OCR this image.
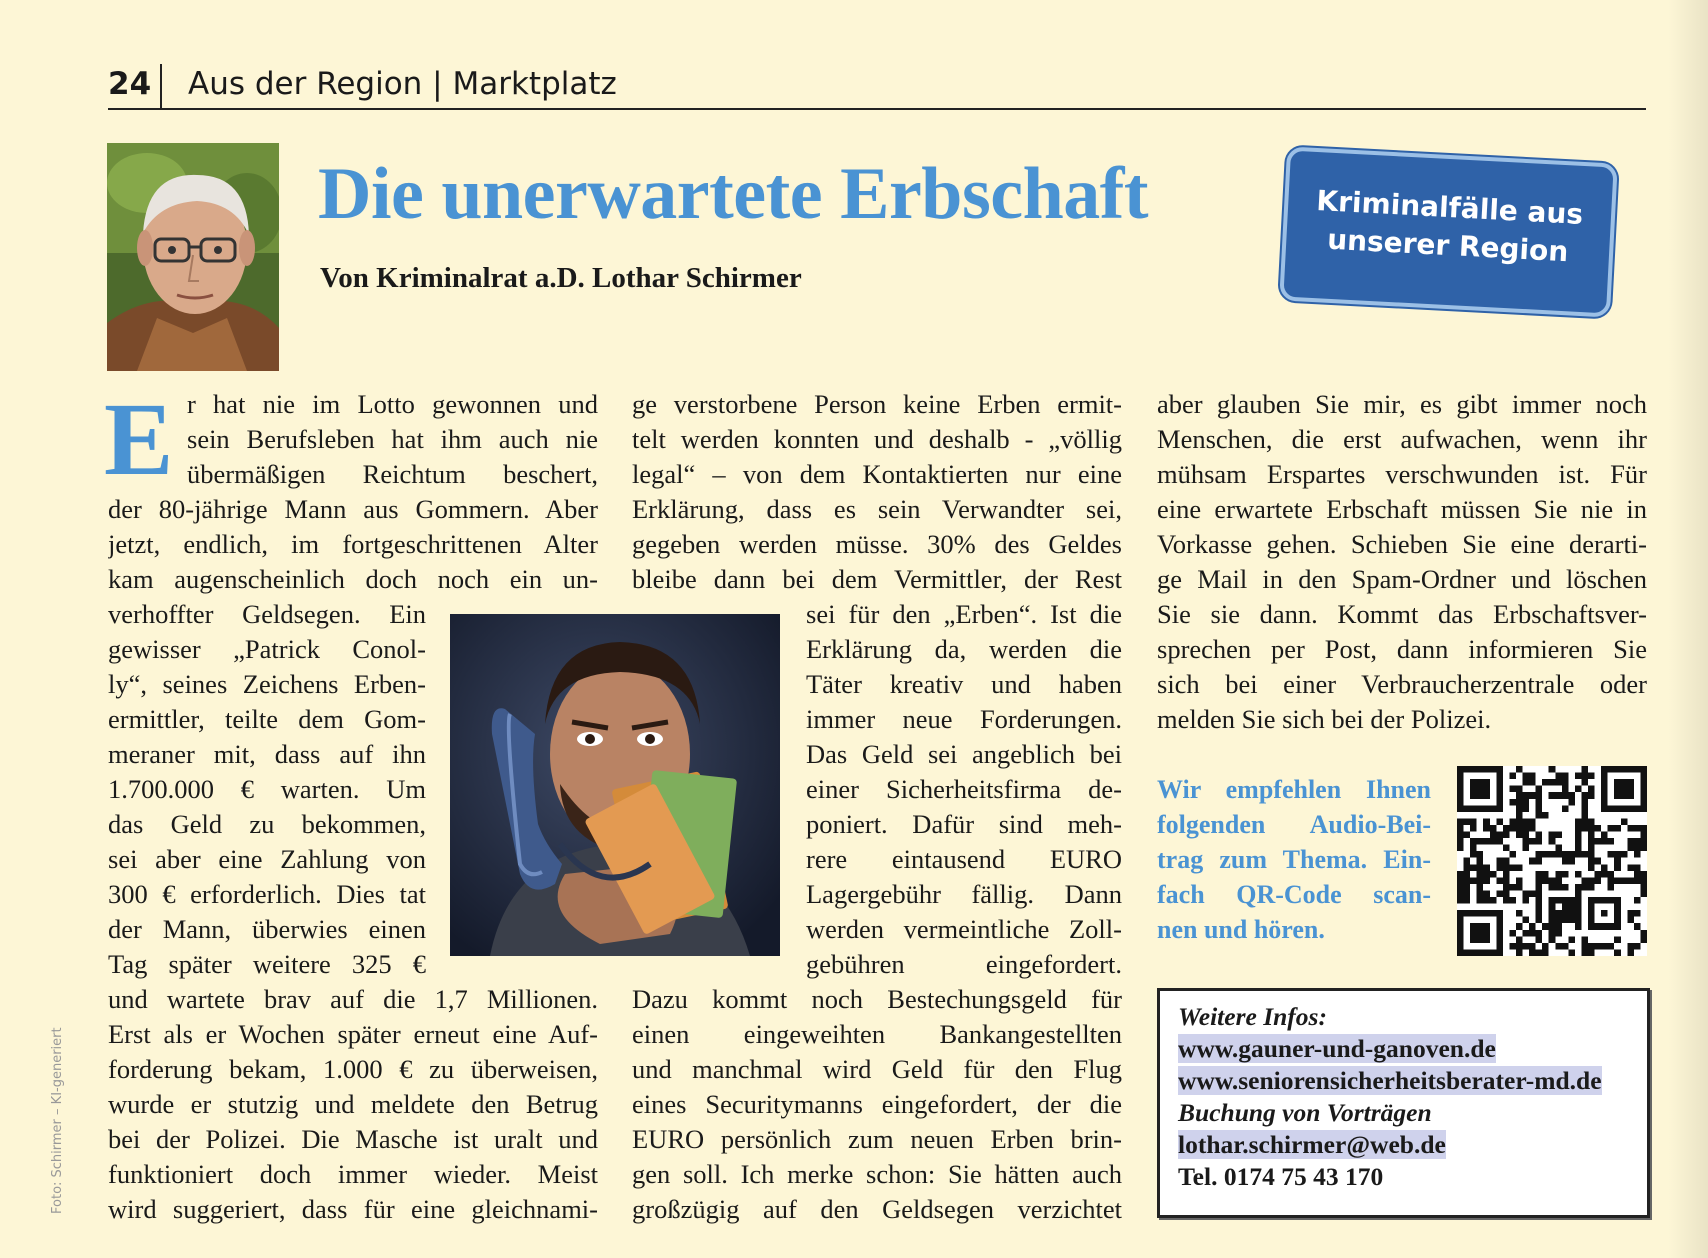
24 Aus der Region | Marktplatz
Die unerwartete Erbschaft
Von Kriminalrat a.D. Lothar Schirmer
Kriminalfälle aus
unserer Region
E r hat nie im Lotto gewonnen und
sein Berufsleben hat ihm auch nie
übermäßigen Reichtum beschert,
der 80-jährige Mann aus Gommern. Aber
jetzt, endlich, im fortgeschrittenen Alter
kam augenscheinlich doch noch ein un-
verhoffter Geldsegen. Ein
gewisser „Patrick Conol-
ly“, seines Zeichens Erben-
ermittler, teilte dem Gom-
meraner mit, dass auf ihn
1.700.000 € warten. Um
das Geld zu bekommen,
sei aber eine Zahlung von
300 € erforderlich. Dies tat
der Mann, überwies einen
Tag später weitere 325 €
und wartete brav auf die 1,7 Millionen.
Erst als er Wochen später erneut eine Auf-
forderung bekam, 1.000 € zu überweisen,
wurde er stutzig und meldete den Betrug
bei der Polizei. Die Masche ist uralt und
funktioniert doch immer wieder. Meist
wird suggeriert, dass für eine gleichnami-
ge verstorbene Person keine Erben ermit-
telt werden konnten und deshalb - „völlig
legal“ – von dem Kontaktierten nur eine
Erklärung, dass es sein Verwandter sei,
gegeben werden müsse. 30% des Geldes
bleibe dann bei dem Vermittler, der Rest
sei für den „Erben“. Ist die
Erklärung da, werden die
Täter kreativ und haben
immer neue Forderungen.
Das Geld sei angeblich bei
einer Sicherheitsfirma de-
poniert. Dafür sind meh-
rere eintausend EURO
Lagergebühr fällig. Dann
werden vermeintliche Zoll-
gebühren eingefordert.
Dazu kommt noch Bestechungsgeld für
einen eingeweihten Bankangestellten
und manchmal wird Geld für den Flug
eines Securitymanns eingefordert, der die
EURO persönlich zum neuen Erben brin-
gen soll. Ich merke schon: Sie hätten auch
großzügig auf den Geldsegen verzichtet
aber glauben Sie mir, es gibt immer noch
Menschen, die erst aufwachen, wenn ihr
mühsam Erspartes verschwunden ist. Für
eine erwartete Erbschaft müssen Sie nie in
Vorkasse gehen. Schieben Sie eine derarti-
ge Mail in den Spam-Ordner und löschen
Sie sie dann. Kommt das Erbschaftsver-
sprechen per Post, dann informieren Sie
sich bei einer Verbraucherzentrale oder
melden Sie sich bei der Polizei.
Foto: Schirmer – KI-generiert
Wir empfehlen Ihnen
folgenden Audio-Bei-
trag zum Thema. Ein-
fach QR-Code scan-
nen und hören.
Weitere Infos:
www.gauner-und-ganoven.de
www.seniorensicherheitsberater-md.de
Buchung von Vorträgen
lothar.schirmer@web.de
Tel. 0174 75 43 170
